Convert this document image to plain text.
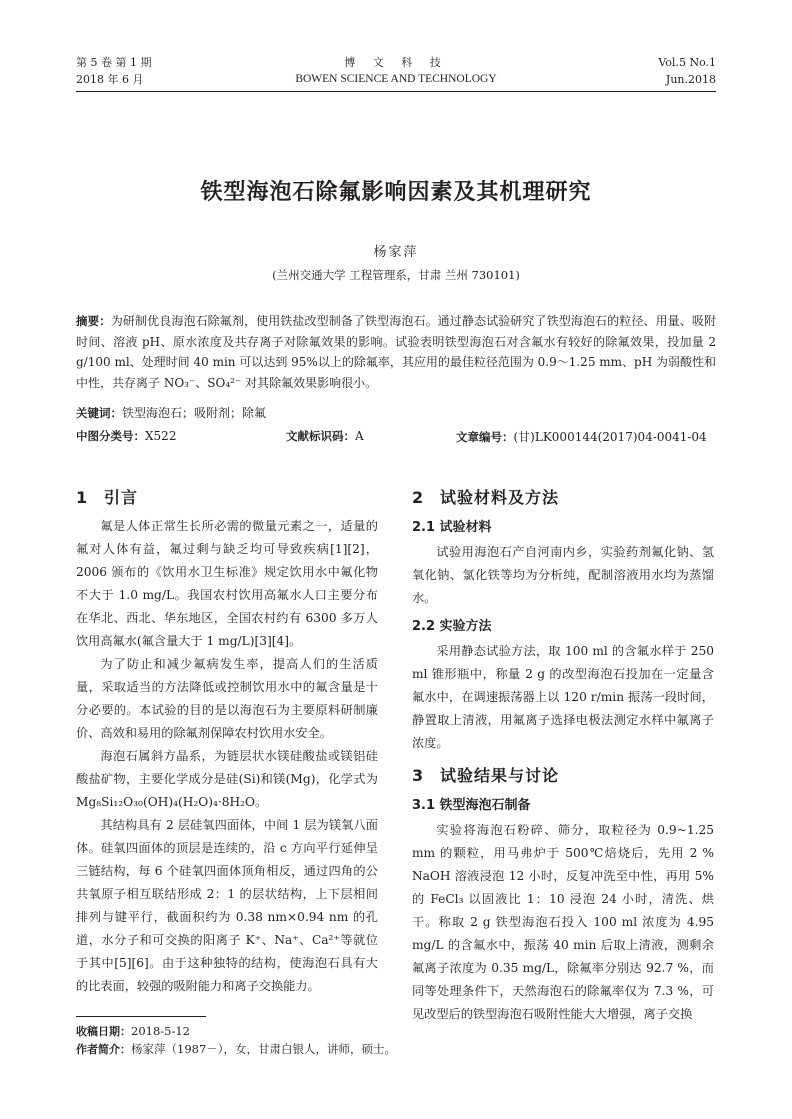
第 5 卷 第 1 期
2018 年 6 月
博 文 科 技
BOWEN SCIENCE AND TECHNOLOGY
Vol.5 No.1
Jun.2018
铁型海泡石除氟影响因素及其机理研究
杨家萍
(兰州交通大学 工程管理系，甘肃 兰州 730101)
摘要：为研制优良海泡石除氟剂，使用铁盐改型制备了铁型海泡石。通过静态试验研究了铁型海泡石的粒径、用量、吸附时间、溶液 pH、原水浓度及共存离子对除氟效果的影响。试验表明铁型海泡石对含氟水有较好的除氟效果，投加量 2 g/100 ml、处理时间 40 min 可以达到 95%以上的除氟率，其应用的最佳粒径范围为 0.9～1.25 mm、pH 为弱酸性和中性，共存离子 NO₃⁻、SO₄²⁻ 对其除氟效果影响很小。
关键词：铁型海泡石；吸附剂；除氟
中图分类号：X522	文献标识码：A	文章编号：(甘)LK000144(2017)04-0041-04
1 引言

氟是人体正常生长所必需的微量元素之一，适量的氟对人体有益，氟过剩与缺乏均可导致疾病[1][2]，2006 颁布的《饮用水卫生标准》规定饮用水中氟化物不大于 1.0 mg/L。我国农村饮用高氟水人口主要分布在华北、西北、华东地区，全国农村约有 6300 多万人饮用高氟水(氟含量大于 1 mg/L)[3][4]。

为了防止和减少氟病发生率，提高人们的生活质量，采取适当的方法降低或控制饮用水中的氟含量是十分必要的。本试验的目的是以海泡石为主要原料研制廉价、高效和易用的除氟剂保障农村饮用水安全。

海泡石属斜方晶系，为链层状水镁硅酸盐或镁铝硅酸盐矿物，主要化学成分是硅(Si)和镁(Mg)，化学式为 Mg₈Si₁₂O₃₀(OH)₄(H₂O)₄·8H₂O。

其结构具有 2 层硅氧四面体，中间 1 层为镁氧八面体。硅氧四面体的顶层是连续的，沿 c 方向平行延伸呈三链结构，每 6 个硅氧四面体顶角相反，通过四角的公共氧原子相互联结形成 2：1 的层状结构，上下层相间排列与键平行，截面积约为 0.38 nm×0.94 nm 的孔道，水分子和可交换的阳离子 K⁺、Na⁺、Ca²⁺等就位于其中[5][6]。由于这种独特的结构，使海泡石具有大的比表面，较强的吸附能力和离子交换能力。

2 试验材料及方法
2.1 试验材料

试验用海泡石产自河南内乡，实验药剂氟化钠、氢氧化钠、氯化铁等均为分析纯，配制溶液用水均为蒸馏水。

2.2 实验方法

采用静态试验方法，取 100 ml 的含氟水样于 250 ml 锥形瓶中，称量 2 g 的改型海泡石投加在一定量含氟水中，在调速振荡器上以 120 r/min 振荡一段时间，静置取上清液，用氟离子选择电极法测定水样中氟离子浓度。

3 试验结果与讨论
3.1 铁型海泡石制备

实验将海泡石粉碎、筛分，取粒径为 0.9~1.25 mm 的颗粒，用马弗炉于 500℃焙烧后，先用 2 % NaOH 溶液浸泡 12 小时，反复冲洗至中性，再用 5% 的 FeCl₃ 以固液比 1：10 浸泡 24 小时，清洗、烘干。称取 2 g 铁型海泡石投入 100 ml 浓度为 4.95 mg/L 的含氟水中，振荡 40 min 后取上清液，测剩余氟离子浓度为 0.35 mg/L，除氟率分别达 92.7 %，而同等处理条件下，天然海泡石的除氟率仅为 7.3 %，可见改型后的铁型海泡石吸附性能大大增强，离子交换

收稿日期：2018-5-12
作者简介：杨家萍（1987－），女，甘肃白银人，讲师，硕士。
